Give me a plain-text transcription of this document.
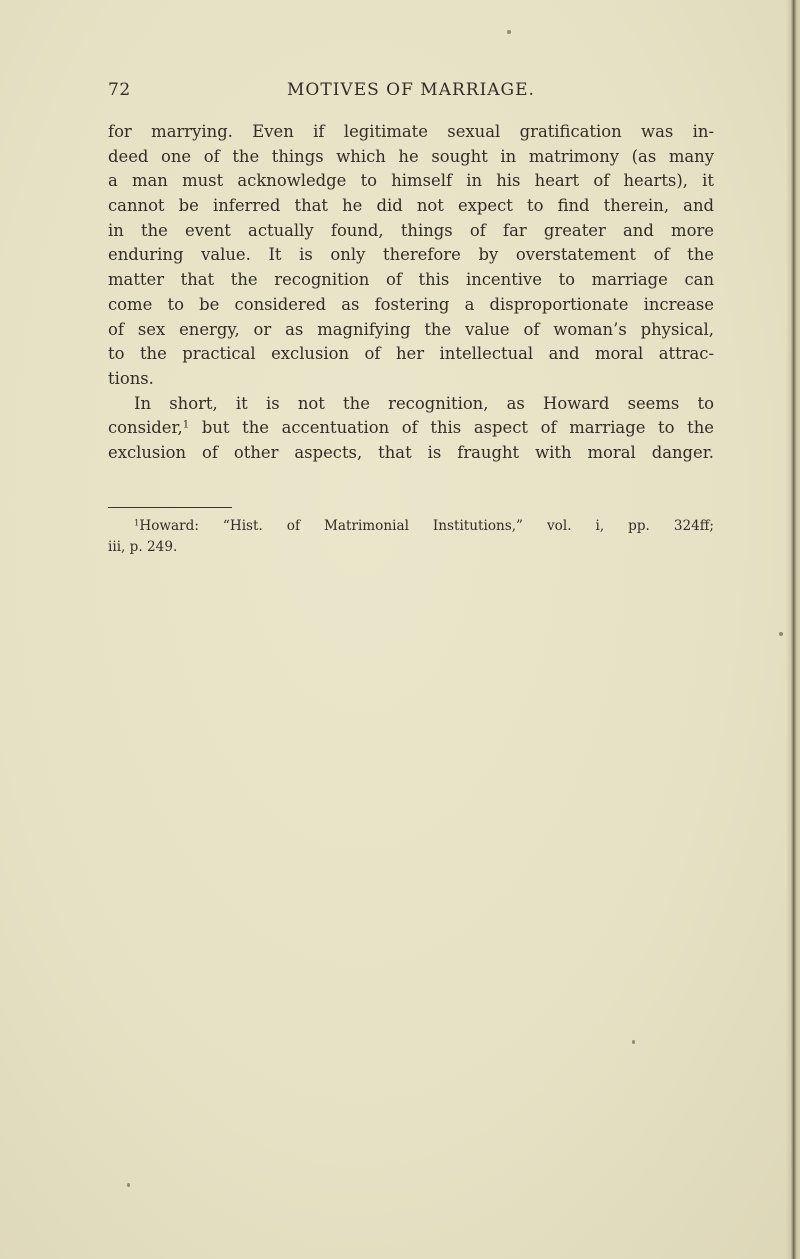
72	MOTIVES OF MARRIAGE.
for marrying. Even if legitimate sexual gratification was in-
deed one of the things which he sought in matrimony (as many
a man must acknowledge to himself in his heart of hearts), it
cannot be inferred that he did not expect to find therein, and
in the event actually found, things of far greater and more
enduring value. It is only therefore by overstatement of the
matter that the recognition of this incentive to marriage can
come to be considered as fostering a disproportionate increase
of sex energy, or as magnifying the value of woman’s physical,
to the practical exclusion of her intellectual and moral attrac-
tions.
In short, it is not the recognition, as Howard seems to
consider,$^1$ but the accentuation of this aspect of marriage to the
exclusion of other aspects, that is fraught with moral danger.
$^1$Howard: “Hist. of Matrimonial Institutions,” vol. i, pp. 324ff;
iii, p. 249.
